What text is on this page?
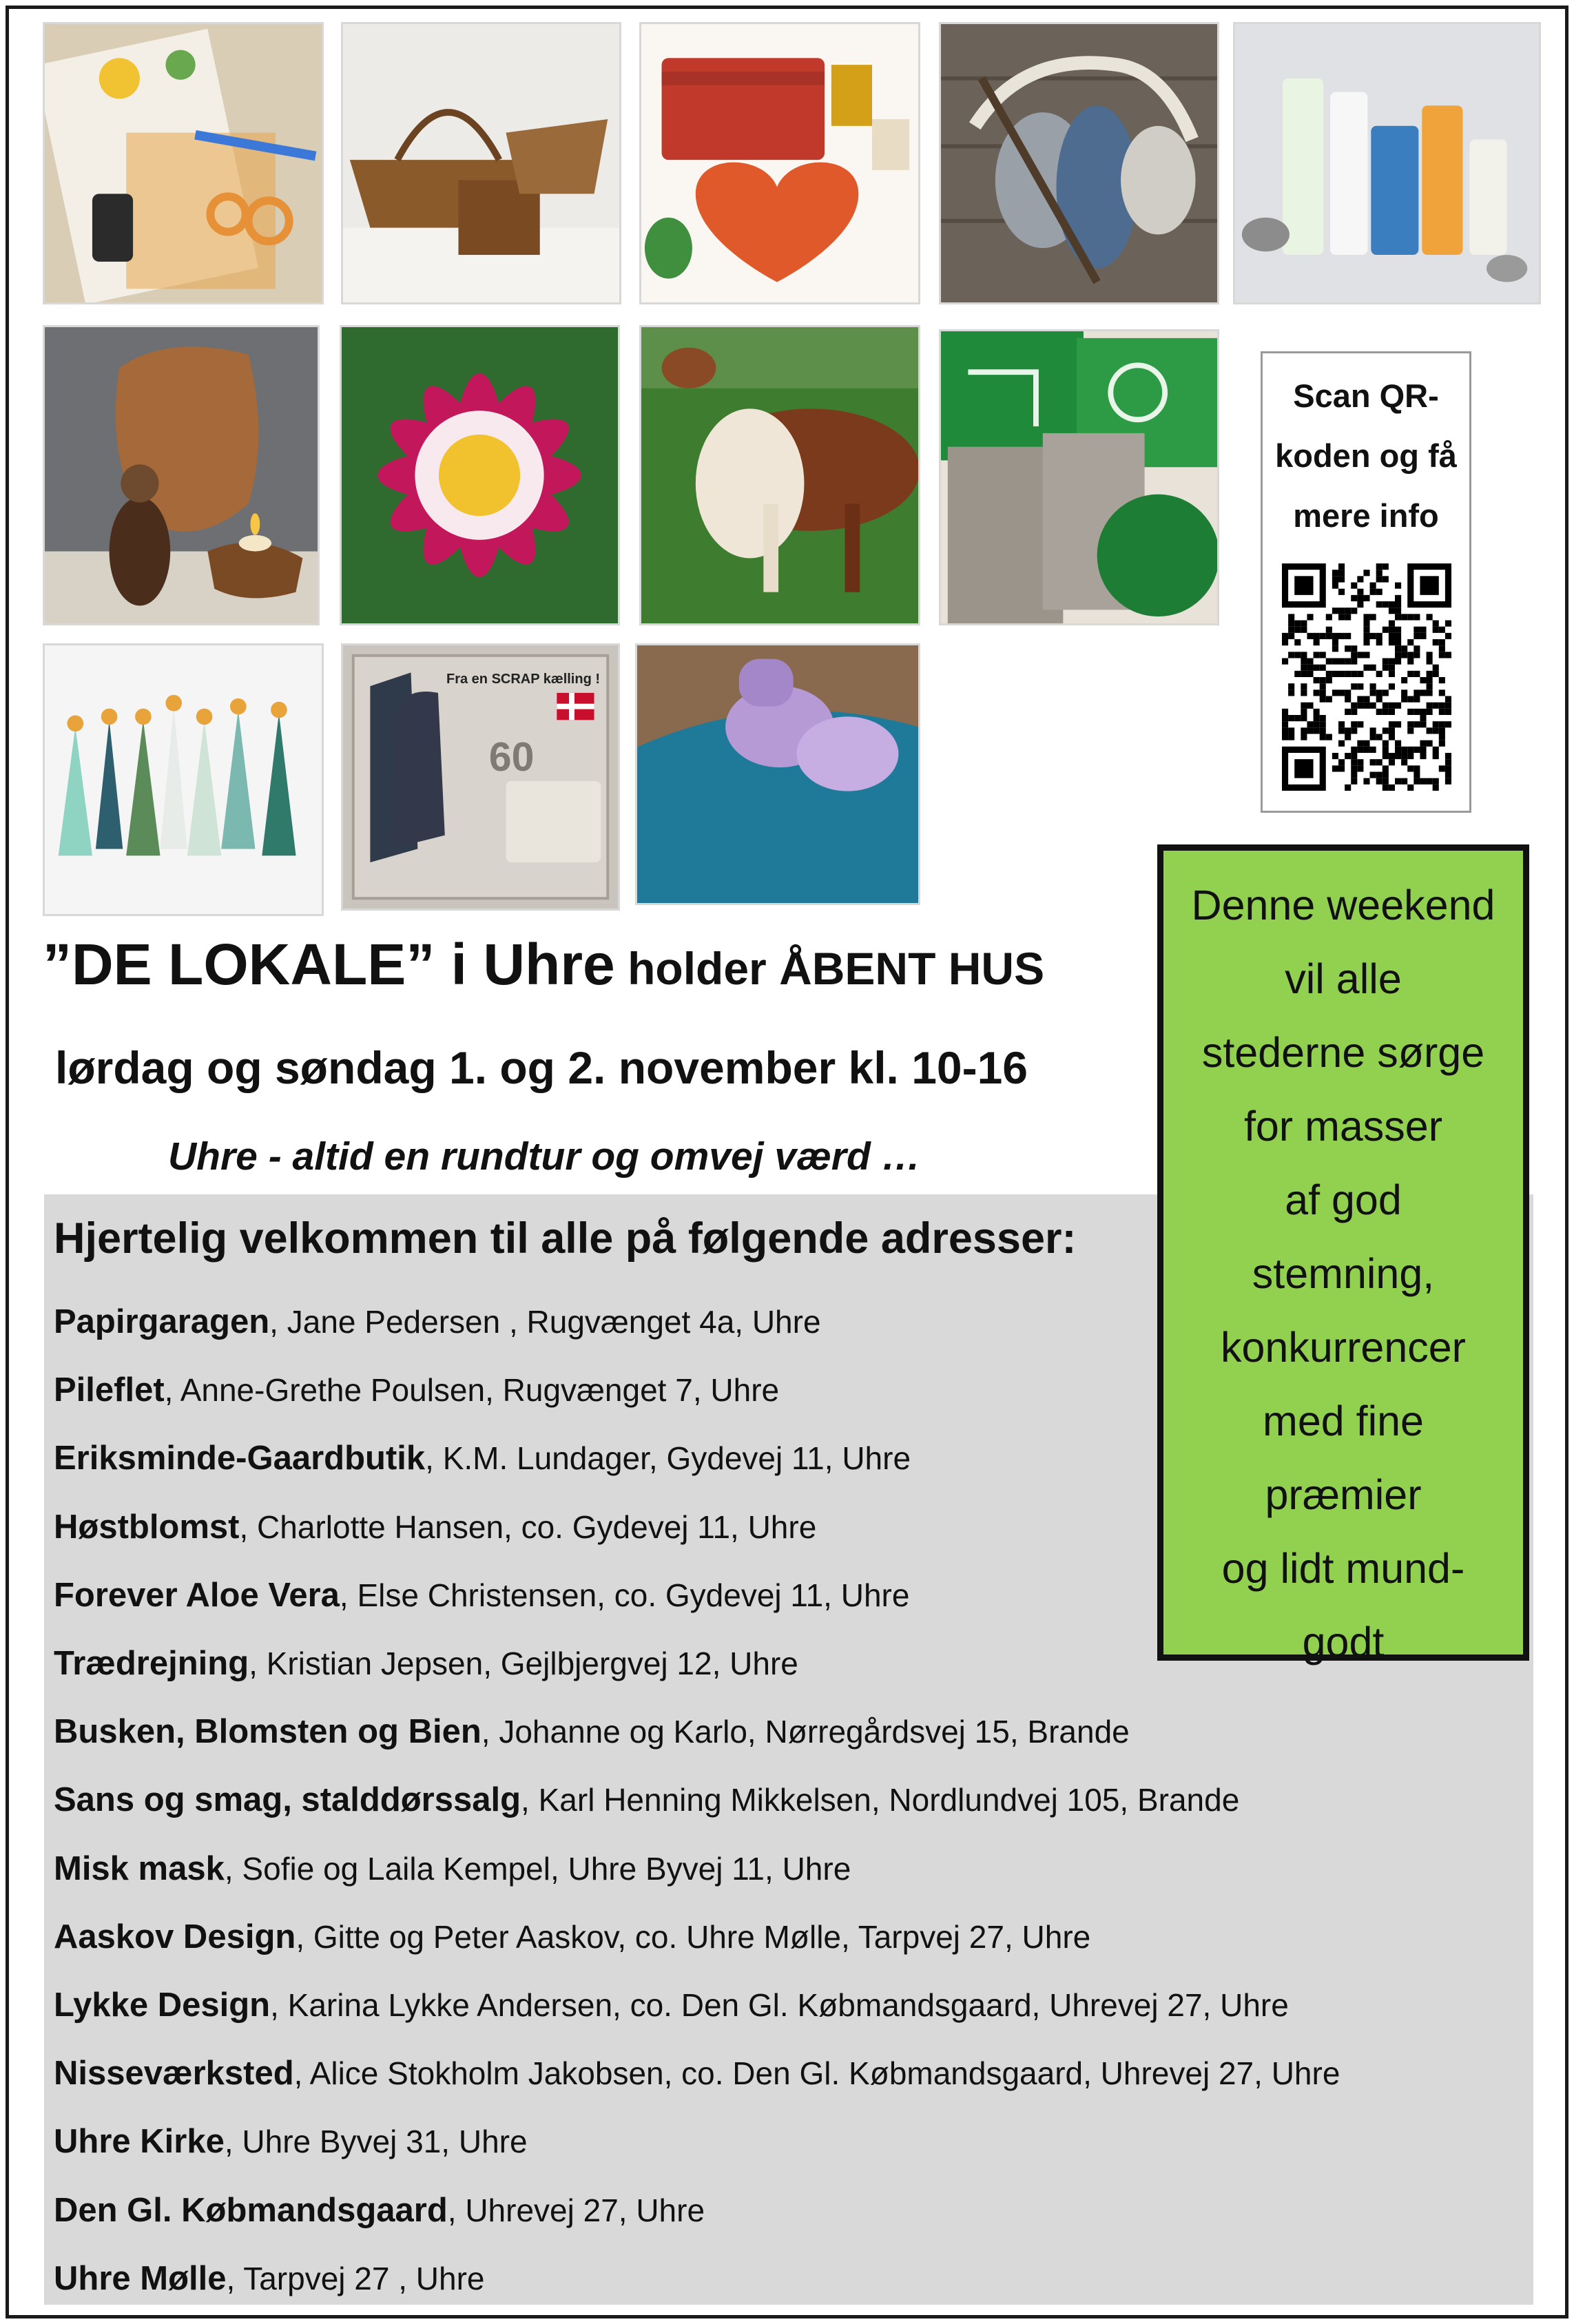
60
Fra en SCRAP kælling !
Scan QR-
koden og få
mere info
”DE LOKALE” i Uhre holder ÅBENT HUS
lørdag og søndag 1. og 2. november kl. 10-16
Uhre - altid en rundtur og omvej værd …
Hjertelig velkommen til alle på følgende adresser:
Papirgaragen, Jane Pedersen , Rugvænget 4a, Uhre
Pileflet, Anne-Grethe Poulsen, Rugvænget 7, Uhre
Eriksminde-Gaardbutik, K.M. Lundager, Gydevej 11, Uhre
Høstblomst, Charlotte Hansen, co. Gydevej 11, Uhre
Forever Aloe Vera, Else Christensen, co. Gydevej 11, Uhre
Trædrejning, Kristian Jepsen, Gejlbjergvej 12, Uhre
Busken, Blomsten og Bien, Johanne og Karlo, Nørregårdsvej 15, Brande
Sans og smag, stalddørssalg, Karl Henning Mikkelsen, Nordlundvej 105, Brande
Misk mask, Sofie og Laila Kempel, Uhre Byvej 11, Uhre
Aaskov Design, Gitte og Peter Aaskov, co. Uhre Mølle, Tarpvej 27, Uhre
Lykke Design, Karina Lykke Andersen, co. Den Gl. Købmandsgaard, Uhrevej 27, Uhre
Nisseværksted, Alice Stokholm Jakobsen, co. Den Gl. Købmandsgaard, Uhrevej 27, Uhre
Uhre Kirke, Uhre Byvej 31, Uhre
Den Gl. Købmandsgaard, Uhrevej 27, Uhre
Uhre Mølle, Tarpvej 27 , Uhre
Denne weekend
vil alle
stederne sørge
for masser
af god
stemning,
konkurrencer
med fine
præmier
og lidt mund-
godt
